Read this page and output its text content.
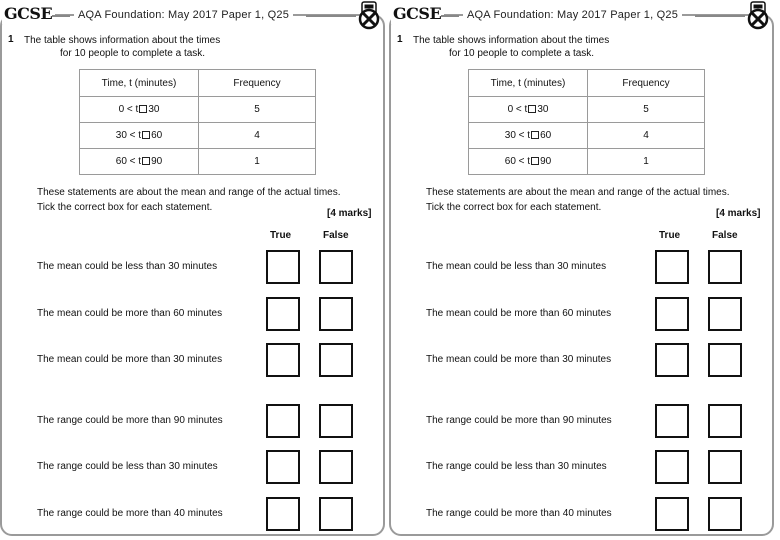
GCSE	AQA Foundation: May 2017 Paper 1, Q25
1 The table shows information about the times
for 10 people to complete a task.
Time, t (minutes)	Frequency
0 < t 30	5
30 < t 60	4
60 < t 90	1
These statements are about the mean and range of the actual times.
Tick the correct box for each statement.
[4 marks]
True	False
The mean could be less than 30 minutes
The mean could be more than 60 minutes
The mean could be more than 30 minutes
The range could be more than 90 minutes
The range could be less than 30 minutes
The range could be more than 40 minutes
GCSE	AQA Foundation: May 2017 Paper 1, Q25
1 The table shows information about the times
for 10 people to complete a task.
Time, t (minutes)	Frequency
0 < t 30	5
30 < t 60	4
60 < t 90	1
These statements are about the mean and range of the actual times.
Tick the correct box for each statement.
[4 marks]
True	False
The mean could be less than 30 minutes
The mean could be more than 60 minutes
The mean could be more than 30 minutes
The range could be more than 90 minutes
The range could be less than 30 minutes
The range could be more than 40 minutes
